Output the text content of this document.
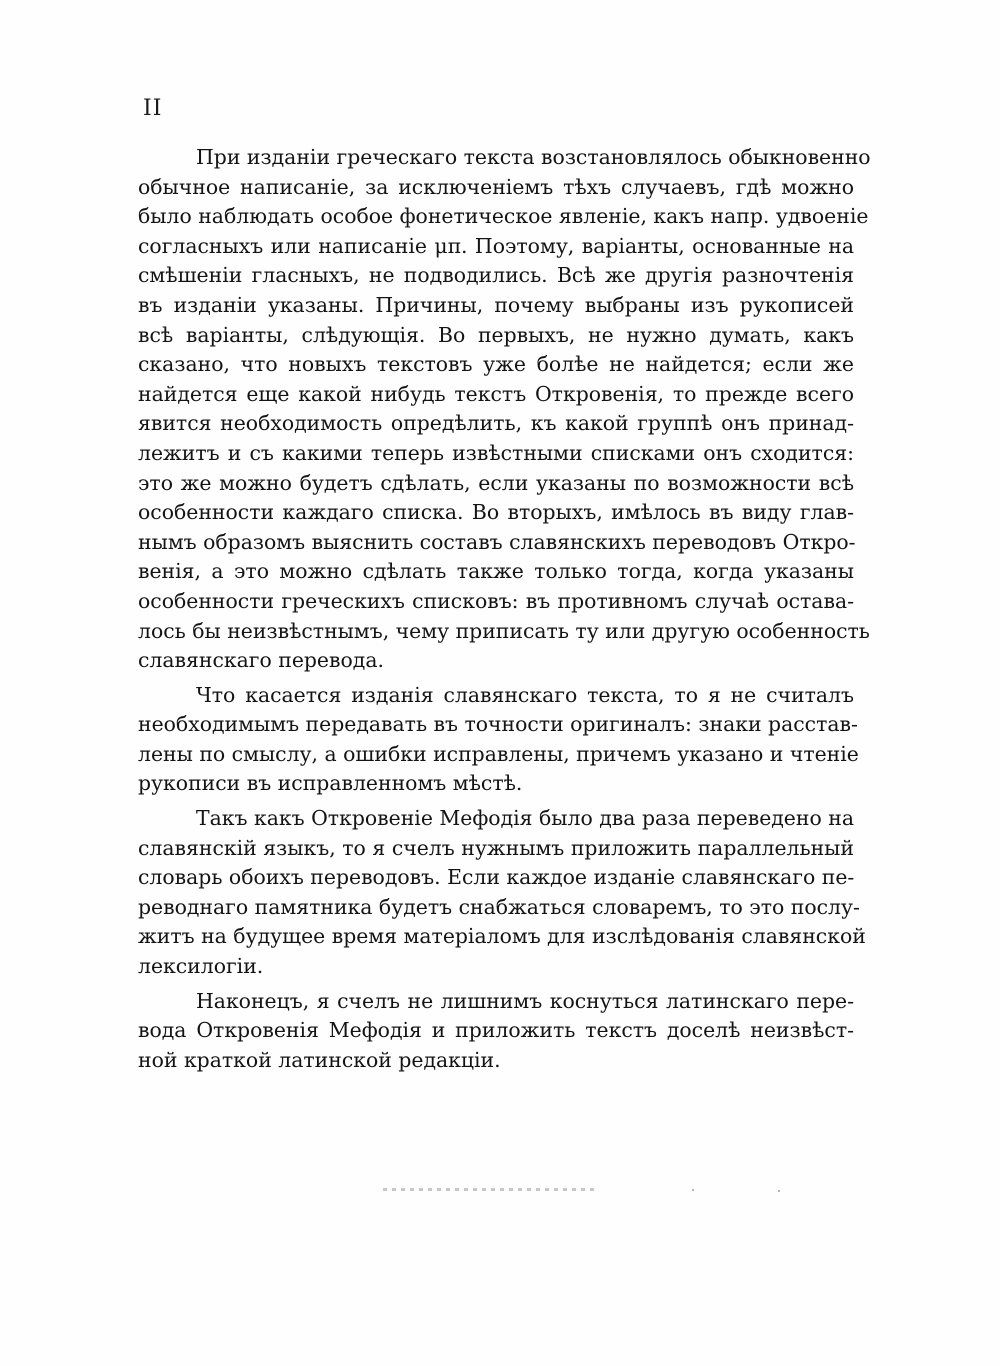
II
При изданіи греческаго текста возстановлялось обыкновенно
обычное написаніе, за исключеніемъ тѣхъ случаевъ, гдѣ можно
было наблюдать особое фонетическое явленіе, какъ напр. удвоеніе
согласныхъ или написаніе μπ. Поэтому, варіанты, основанные на
смѣшеніи гласныхъ, не подводились. Всѣ же другія разночтенія
въ изданіи указаны. Причины, почему выбраны изъ рукописей
всѣ варіанты, слѣдующія. Во первыхъ, не нужно думать, какъ
сказано, что новыхъ текстовъ уже болѣе не найдется; если же
найдется еще какой нибудь текстъ Откровенія, то прежде всего
явится необходимость опредѣлить, къ какой группѣ онъ принад-
лежитъ и съ какими теперь извѣстными списками онъ сходится:
это же можно будетъ сдѣлать, если указаны по возможности всѣ
особенности каждаго списка. Во вторыхъ, имѣлось въ виду глав-
нымъ образомъ выяснить составъ славянскихъ переводовъ Откро-
венія, а это можно сдѣлать также только тогда, когда указаны
особенности греческихъ списковъ: въ противномъ случаѣ остава-
лось бы неизвѣстнымъ, чему приписать ту или другую особенность
славянскаго перевода.
Что касается изданія славянскаго текста, то я не считалъ
необходимымъ передавать въ точности оригиналъ: знаки расстав-
лены по смыслу, а ошибки исправлены, причемъ указано и чтеніе
рукописи въ исправленномъ мѣстѣ.
Такъ какъ Откровеніе Мефодія было два раза переведено на
славянскій языкъ, то я счелъ нужнымъ приложить параллельный
словарь обоихъ переводовъ. Если каждое изданіе славянскаго пе-
реводнаго памятника будетъ снабжаться словаремъ, то это послу-
житъ на будущее время матеріаломъ для изслѣдованія славянской
лексилогіи.
Наконецъ, я счелъ не лишнимъ коснуться латинскаго пере-
вода Откровенія Мефодія и приложить текстъ доселѣ неизвѣст-
ной краткой латинской редакціи.
